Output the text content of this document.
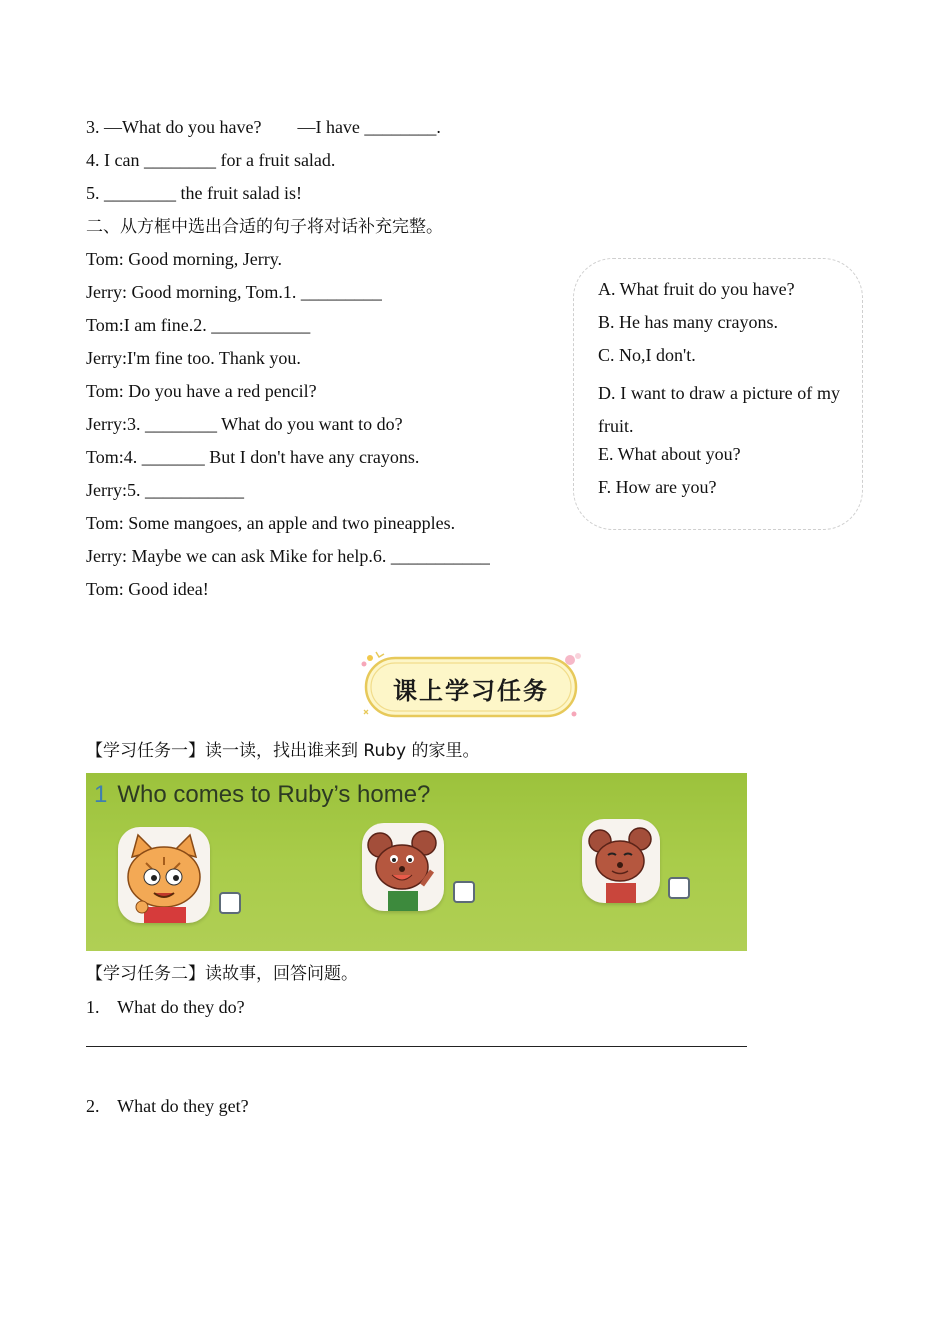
3. —What do you have?        —I have ________.
4. I can ________ for a fruit salad.
5. ________ the fruit salad is!
二、从方框中选出合适的句子将对话补充完整。
Tom: Good morning, Jerry.
Jerry: Good morning, Tom.1. _________
Tom:I am fine.2. ___________
Jerry:I'm fine too. Thank you.
Tom: Do you have a red pencil?
Jerry:3. ________ What do you want to do?
Tom:4. _______ But I don't have any crayons.
Jerry:5. ___________
Tom: Some mangoes, an apple and two pineapples.
Jerry: Maybe we can ask Mike for help.6. ___________
Tom: Good idea!
A. What fruit do you have?
B. He has many crayons.
C. No,I don't.
D. I want to draw a picture of my fruit.
E. What about you?
F. How are you?
课上学习任务
【学习任务一】读一读，找出谁来到 Ruby 的家里。
1 Who comes to Ruby’s home?
【学习任务二】读故事，回答问题。
1.    What do they do?
2.    What do they get?
